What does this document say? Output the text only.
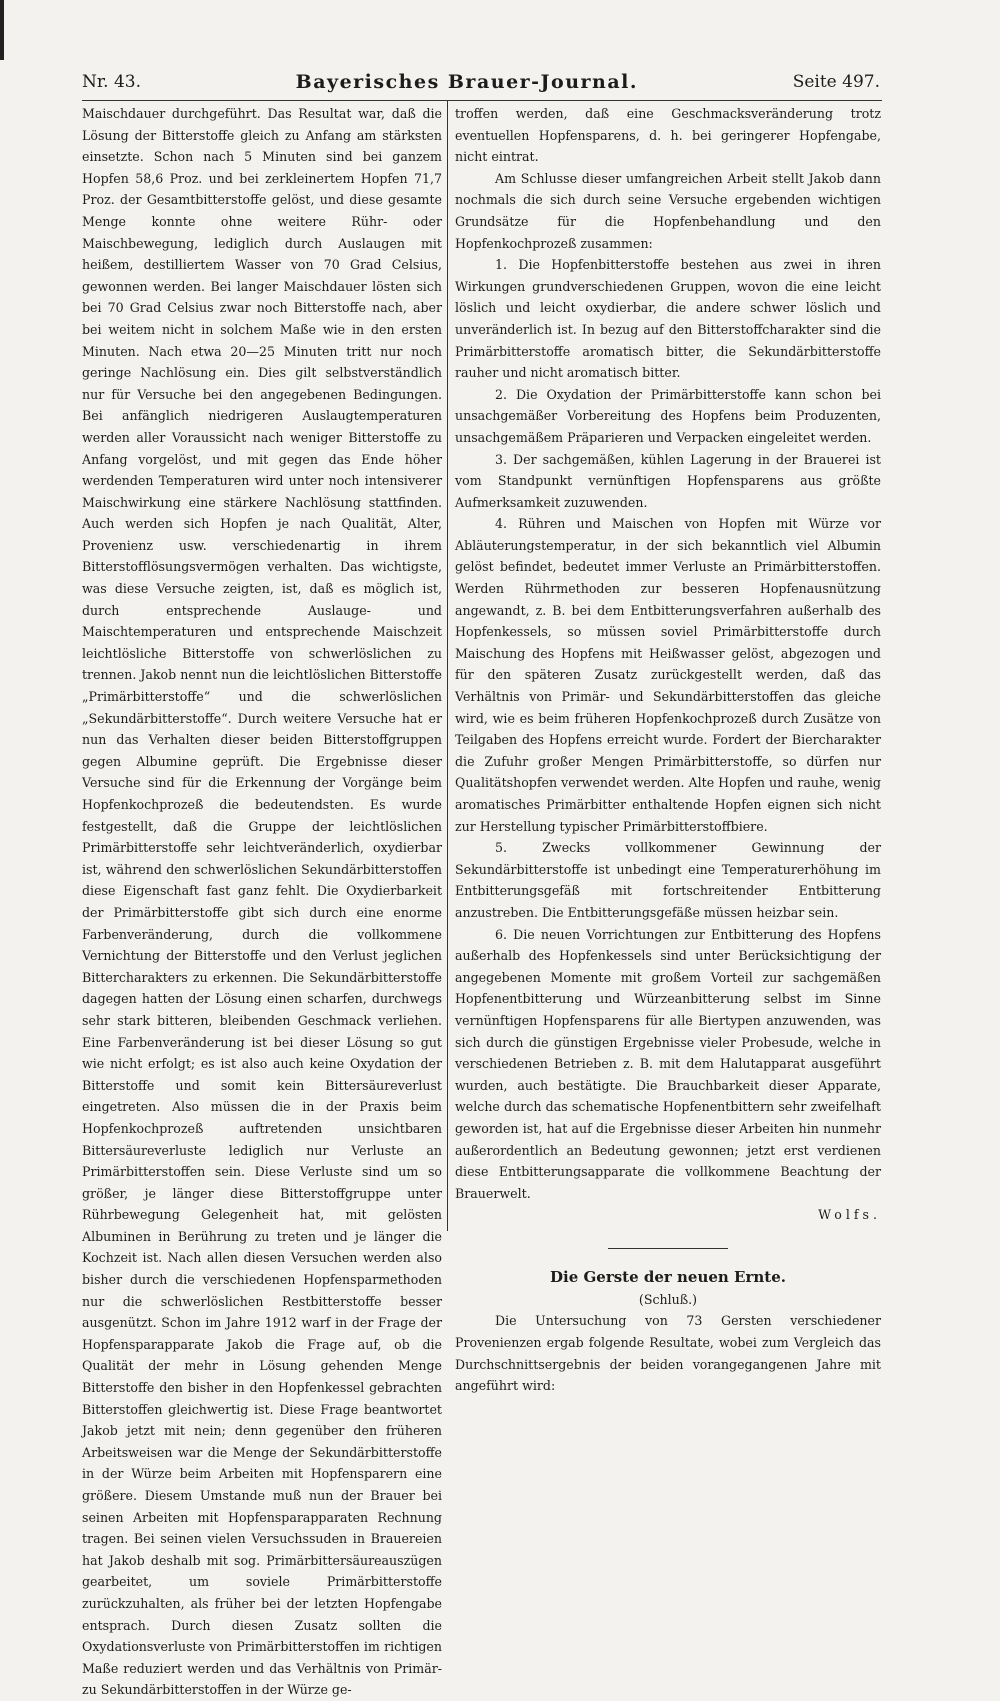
Nr. 43.	Bayerisches Brauer-Journal.	Seite 497.

Maischdauer durchgeführt. Das Resultat war, daß die Lösung der Bitterstoffe gleich zu Anfang am stärksten einsetzte. Schon nach 5 Minuten sind bei ganzem Hopfen 58,6 Proz. und bei zerkleinertem Hopfen 71,7 Proz. der Gesamtbitterstoffe gelöst, und diese gesamte Menge konnte ohne weitere Rühr- oder Maischbewegung, lediglich durch Auslaugen mit heißem, destilliertem Wasser von 70 Grad Celsius, gewonnen werden. Bei langer Maischdauer lösten sich bei 70 Grad Celsius zwar noch Bitterstoffe nach, aber bei weitem nicht in solchem Maße wie in den ersten Minuten. Nach etwa 20—25 Minuten tritt nur noch geringe Nachlösung ein. Dies gilt selbstverständlich nur für Versuche bei den angegebenen Bedingungen. Bei anfänglich niedrigeren Auslaugtemperaturen werden aller Voraussicht nach weniger Bitterstoffe zu Anfang vorgelöst, und mit gegen das Ende höher werdenden Temperaturen wird unter noch intensiverer Maischwirkung eine stärkere Nachlösung stattfinden. Auch werden sich Hopfen je nach Qualität, Alter, Provenienz usw. verschiedenartig in ihrem Bitterstofflösungsvermögen verhalten. Das wichtigste, was diese Versuche zeigten, ist, daß es möglich ist, durch entsprechende Auslauge- und Maischtemperaturen und entsprechende Maischzeit leichtlösliche Bitterstoffe von schwerlöslichen zu trennen. Jakob nennt nun die leichtlöslichen Bitterstoffe „Primärbitterstoffe“ und die schwerlöslichen „Sekundärbitterstoffe“. Durch weitere Versuche hat er nun das Verhalten dieser beiden Bitterstoffgruppen gegen Albumine geprüft. Die Ergebnisse dieser Versuche sind für die Erkennung der Vorgänge beim Hopfenkochprozeß die bedeutendsten. Es wurde festgestellt, daß die Gruppe der leichtlöslichen Primärbitterstoffe sehr leichtveränderlich, oxydierbar ist, während den schwerlöslichen Sekundärbitterstoffen diese Eigenschaft fast ganz fehlt. Die Oxydierbarkeit der Primärbitterstoffe gibt sich durch eine enorme Farbenveränderung, durch die vollkommene Vernichtung der Bitterstoffe und den Verlust jeglichen Bittercharakters zu erkennen. Die Sekundärbitterstoffe dagegen hatten der Lösung einen scharfen, durchwegs sehr stark bitteren, bleibenden Geschmack verliehen. Eine Farbenveränderung ist bei dieser Lösung so gut wie nicht erfolgt; es ist also auch keine Oxydation der Bitterstoffe und somit kein Bittersäureverlust eingetreten. Also müssen die in der Praxis beim Hopfenkochprozeß auftretenden unsichtbaren Bittersäureverluste lediglich nur Verluste an Primärbitterstoffen sein. Diese Verluste sind um so größer, je länger diese Bitterstoffgruppe unter Rührbewegung Gelegenheit hat, mit gelösten Albuminen in Berührung zu treten und je länger die Kochzeit ist. Nach allen diesen Versuchen werden also bisher durch die verschiedenen Hopfensparmethoden nur die schwerlöslichen Restbitterstoffe besser ausgenützt. Schon im Jahre 1912 warf in der Frage der Hopfensparapparate Jakob die Frage auf, ob die Qualität der mehr in Lösung gehenden Menge Bitterstoffe den bisher in den Hopfenkessel gebrachten Bitterstoffen gleichwertig ist. Diese Frage beantwortet Jakob jetzt mit nein; denn gegenüber den früheren Arbeitsweisen war die Menge der Sekundärbitterstoffe in der Würze beim Arbeiten mit Hopfensparern eine größere. Diesem Umstande muß nun der Brauer bei seinen Arbeiten mit Hopfensparapparaten Rechnung tragen. Bei seinen vielen Versuchssuden in Brauereien hat Jakob deshalb mit sog. Primärbittersäureauszügen gearbeitet, um soviele Primärbitterstoffe zurückzuhalten, als früher bei der letzten Hopfengabe entsprach. Durch diesen Zusatz sollten die Oxydationsverluste von Primärbitterstoffen im richtigen Maße reduziert werden und das Verhältnis von Primär- zu Sekundärbitterstoffen in der Würze ge-

troffen werden, daß eine Geschmacksveränderung trotz eventuellen Hopfensparens, d. h. bei geringerer Hopfengabe, nicht eintrat.

Am Schlusse dieser umfangreichen Arbeit stellt Jakob dann nochmals die sich durch seine Versuche ergebenden wichtigen Grundsätze für die Hopfenbehandlung und den Hopfenkochprozeß zusammen:

1. Die Hopfenbitterstoffe bestehen aus zwei in ihren Wirkungen grundverschiedenen Gruppen, wovon die eine leicht löslich und leicht oxydierbar, die andere schwer löslich und unveränderlich ist. In bezug auf den Bitterstoffcharakter sind die Primärbitterstoffe aromatisch bitter, die Sekundärbitterstoffe rauher und nicht aromatisch bitter.

2. Die Oxydation der Primärbitterstoffe kann schon bei unsachgemäßer Vorbereitung des Hopfens beim Produzenten, unsachgemäßem Präparieren und Verpacken eingeleitet werden.

3. Der sachgemäßen, kühlen Lagerung in der Brauerei ist vom Standpunkt vernünftigen Hopfensparens aus größte Aufmerksamkeit zuzuwenden.

4. Rühren und Maischen von Hopfen mit Würze vor Abläuterungstemperatur, in der sich bekanntlich viel Albumin gelöst befindet, bedeutet immer Verluste an Primärbitterstoffen. Werden Rührmethoden zur besseren Hopfenausnützung angewandt, z. B. bei dem Entbitterungsverfahren außerhalb des Hopfenkessels, so müssen soviel Primärbitterstoffe durch Maischung des Hopfens mit Heißwasser gelöst, abgezogen und für den späteren Zusatz zurückgestellt werden, daß das Verhältnis von Primär- und Sekundärbitterstoffen das gleiche wird, wie es beim früheren Hopfenkochprozeß durch Zusätze von Teilgaben des Hopfens erreicht wurde. Fordert der Biercharakter die Zufuhr großer Mengen Primärbitterstoffe, so dürfen nur Qualitätshopfen verwendet werden. Alte Hopfen und rauhe, wenig aromatisches Primärbitter enthaltende Hopfen eignen sich nicht zur Herstellung typischer Primärbitterstoffbiere.

5. Zwecks vollkommener Gewinnung der Sekundärbitterstoffe ist unbedingt eine Temperaturerhöhung im Entbitterungsgefäß mit fortschreitender Entbitterung anzustreben. Die Entbitterungsgefäße müssen heizbar sein.

6. Die neuen Vorrichtungen zur Entbitterung des Hopfens außerhalb des Hopfenkessels sind unter Berücksichtigung der angegebenen Momente mit großem Vorteil zur sachgemäßen Hopfenentbitterung und Würzeanbitterung selbst im Sinne vernünftigen Hopfensparens für alle Biertypen anzuwenden, was sich durch die günstigen Ergebnisse vieler Probesude, welche in verschiedenen Betrieben z. B. mit dem Halutapparat ausgeführt wurden, auch bestätigte. Die Brauchbarkeit dieser Apparate, welche durch das schematische Hopfenentbittern sehr zweifelhaft geworden ist, hat auf die Ergebnisse dieser Arbeiten hin nunmehr außerordentlich an Bedeutung gewonnen; jetzt erst verdienen diese Entbitterungsapparate die vollkommene Beachtung der Brauerwelt.

Wolfs.

Die Gerste der neuen Ernte.

(Schluß.)

Die Untersuchung von 73 Gersten verschiedener Provenienzen ergab folgende Resultate, wobei zum Vergleich das Durchschnittsergebnis der beiden vorangegangenen Jahre mit angeführt wird:
